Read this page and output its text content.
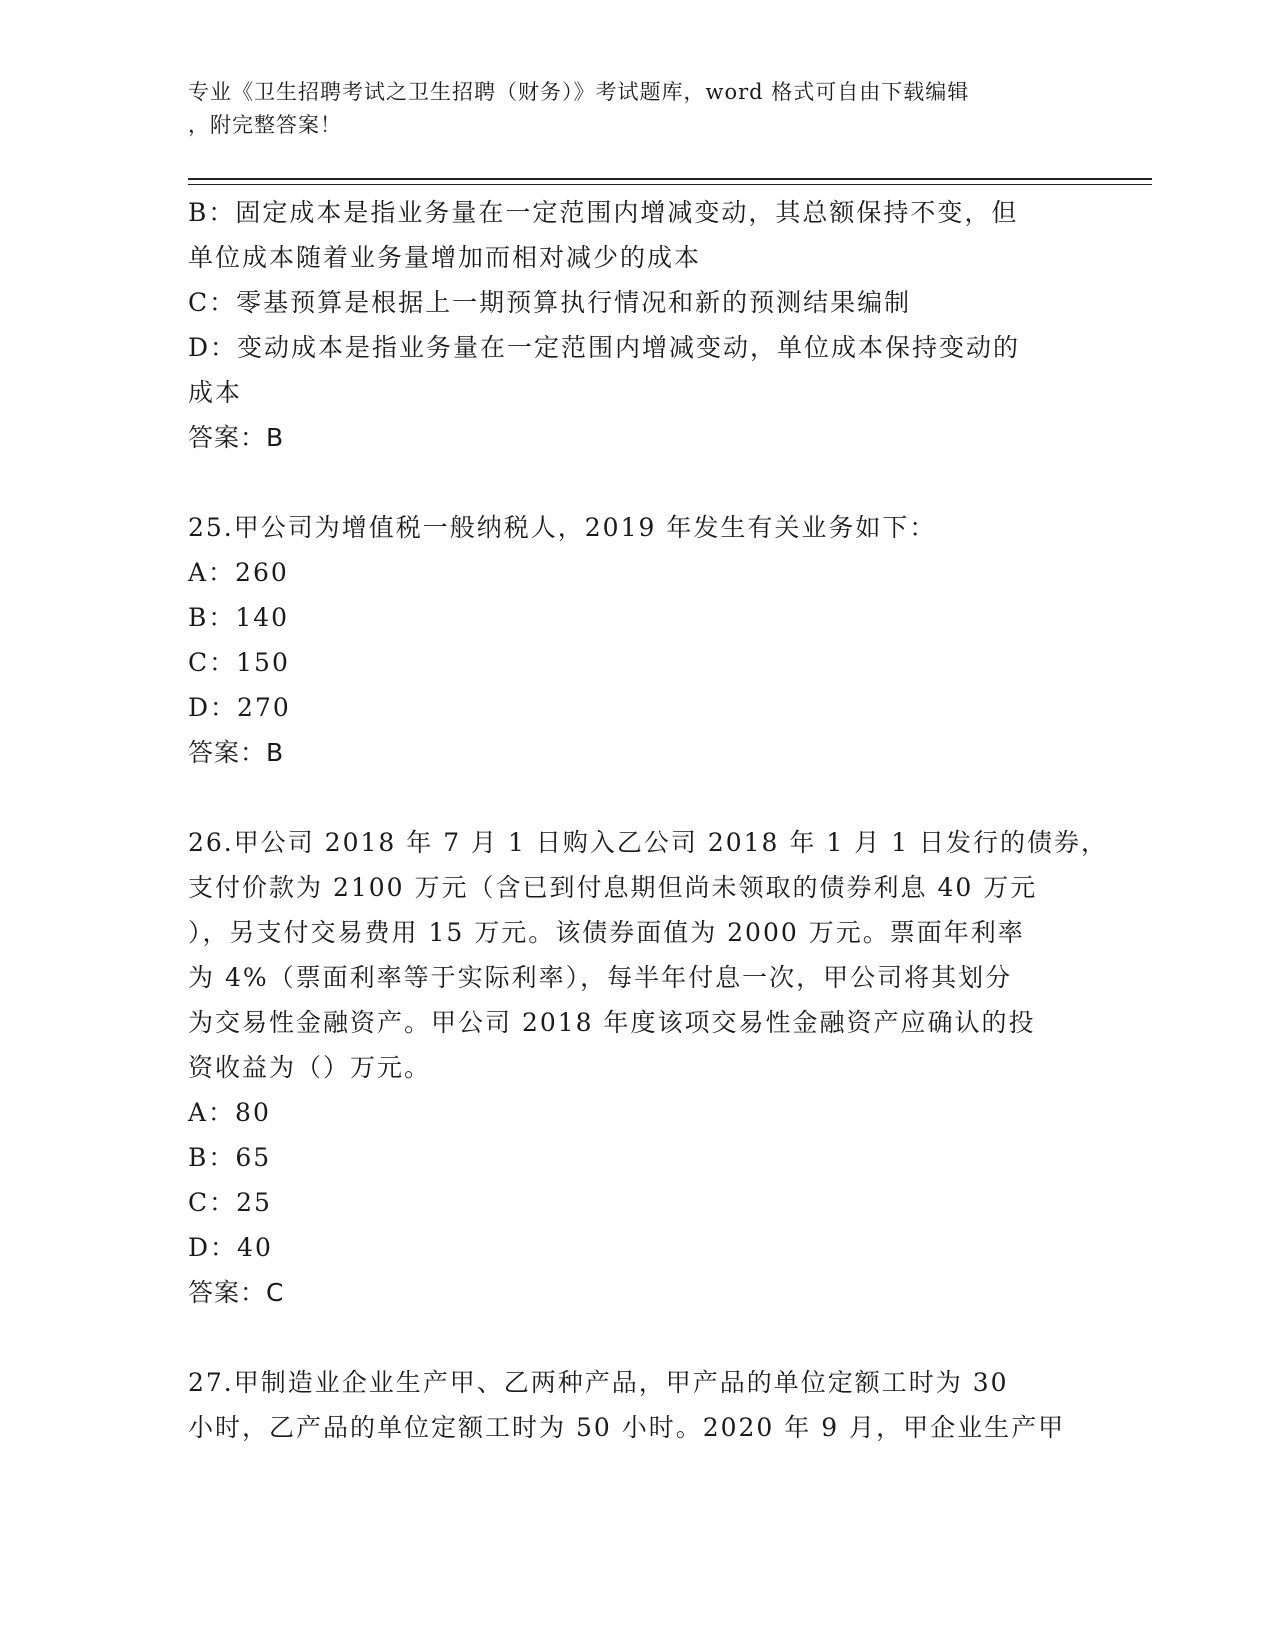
专业《卫生招聘考试之卫生招聘（财务）》考试题库，word 格式可自由下载编辑
，附完整答案！
B：固定成本是指业务量在一定范围内增减变动，其总额保持不变，但
单位成本随着业务量增加而相对减少的成本
C：零基预算是根据上一期预算执行情况和新的预测结果编制
D：变动成本是指业务量在一定范围内增减变动，单位成本保持变动的
成本
答案：B
25.甲公司为增值税一般纳税人，2019 年发生有关业务如下：
A：260
B：140
C：150
D：270
答案：B
26.甲公司 2018 年 7 月 1 日购入乙公司 2018 年 1 月 1 日发行的债券，
支付价款为 2100 万元（含已到付息期但尚未领取的债券利息 40 万元
），另支付交易费用 15 万元。该债券面值为 2000 万元。票面年利率
为 4%（票面利率等于实际利率），每半年付息一次，甲公司将其划分
为交易性金融资产。甲公司 2018 年度该项交易性金融资产应确认的投
资收益为（）万元。
A：80
B：65
C：25
D：40
答案：C
27.甲制造业企业生产甲、乙两种产品，甲产品的单位定额工时为 30
小时，乙产品的单位定额工时为 50 小时。2020 年 9 月，甲企业生产甲
